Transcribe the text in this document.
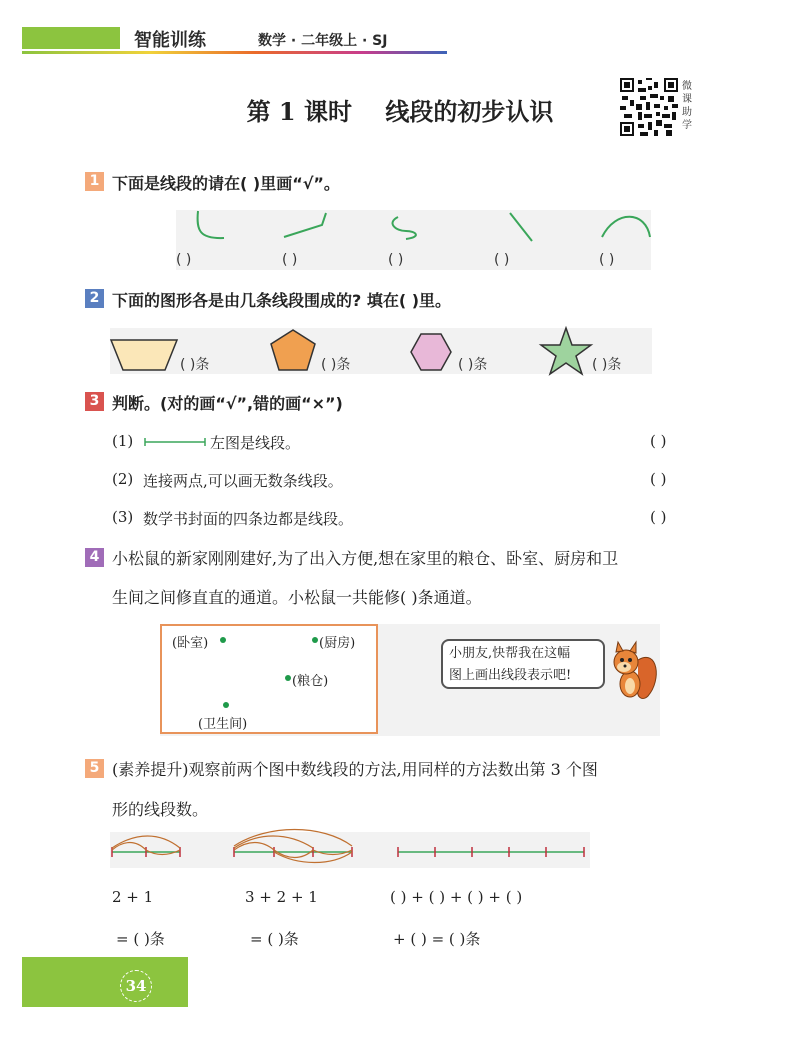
智能训练	数学 · 二年级上 · SJ
第 1 课时    线段的初步认识
微课助学
1 下面是线段的请在( )里画“√”。
( )	( )	( )	( )	( )
2 下面的图形各是由几条线段围成的? 填在( )里。
( )条	( )条	( )条	( )条
3 判断。(对的画“√”,错的画“×”)
(1)	左图是线段。	( )
(2) 连接两点,可以画无数条线段。	( )
(3) 数学书封面的四条边都是线段。	( )
4 小松鼠的新家刚刚建好,为了出入方便,想在家里的粮仓、卧室、厨房和卫
生间之间修直直的通道。小松鼠一共能修( )条通道。
(卧室)	(厨房)
(粮仓)
(卫生间)
小朋友,快帮我在这幅
图上画出线段表示吧!
5 (素养提升)观察前两个图中数线段的方法,用同样的方法数出第 3 个图
形的线段数。
2 + 1	3 + 2 + 1	( ) + ( ) + ( ) + ( )
= ( )条	= ( )条	+ ( ) = ( )条
34
